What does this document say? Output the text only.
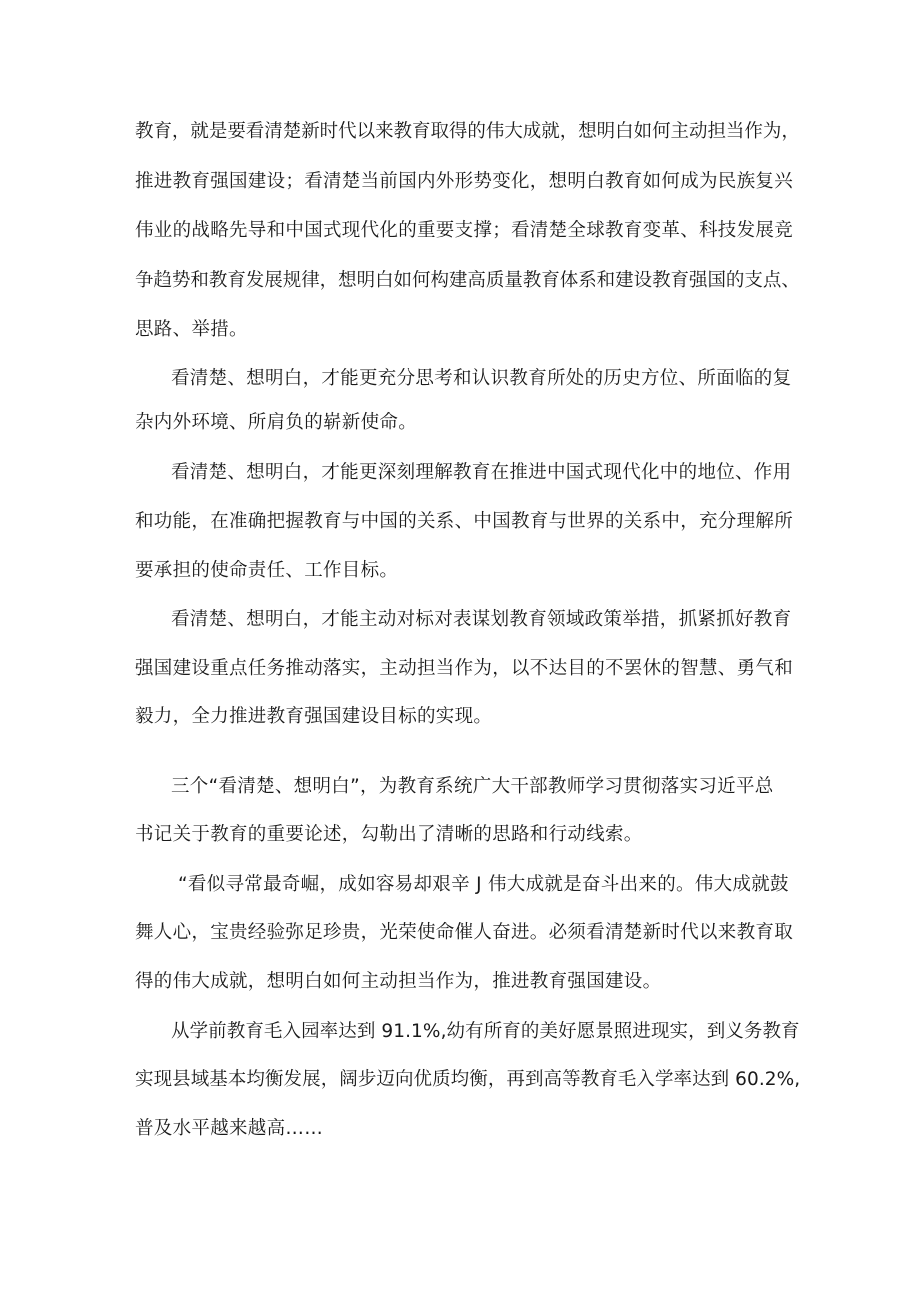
教育，就是要看清楚新时代以来教育取得的伟大成就，想明白如何主动担当作为，
推进教育强国建设；看清楚当前国内外形势变化，想明白教育如何成为民族复兴
伟业的战略先导和中国式现代化的重要支撑；看清楚全球教育变革、科技发展竞
争趋势和教育发展规律，想明白如何构建高质量教育体系和建设教育强国的支点、
思路、举措。
看清楚、想明白，才能更充分思考和认识教育所处的历史方位、所面临的复
杂内外环境、所肩负的崭新使命。
看清楚、想明白，才能更深刻理解教育在推进中国式现代化中的地位、作用
和功能，在准确把握教育与中国的关系、中国教育与世界的关系中，充分理解所
要承担的使命责任、工作目标。
看清楚、想明白，才能主动对标对表谋划教育领域政策举措，抓紧抓好教育
强国建设重点任务推动落实，主动担当作为，以不达目的不罢休的智慧、勇气和
毅力，全力推进教育强国建设目标的实现。
三个“看清楚、想明白”，为教育系统广大干部教师学习贯彻落实习近平总
书记关于教育的重要论述，勾勒出了清晰的思路和行动线索。
“看似寻常最奇崛，成如容易却艰辛 J 伟大成就是奋斗出来的。伟大成就鼓
舞人心，宝贵经验弥足珍贵，光荣使命催人奋进。必须看清楚新时代以来教育取
得的伟大成就，想明白如何主动担当作为，推进教育强国建设。
从学前教育毛入园率达到 91.1%,幼有所育的美好愿景照进现实，到义务教育
实现县域基本均衡发展，阔步迈向优质均衡，再到高等教育毛入学率达到 60.2%,
普及水平越来越高……
